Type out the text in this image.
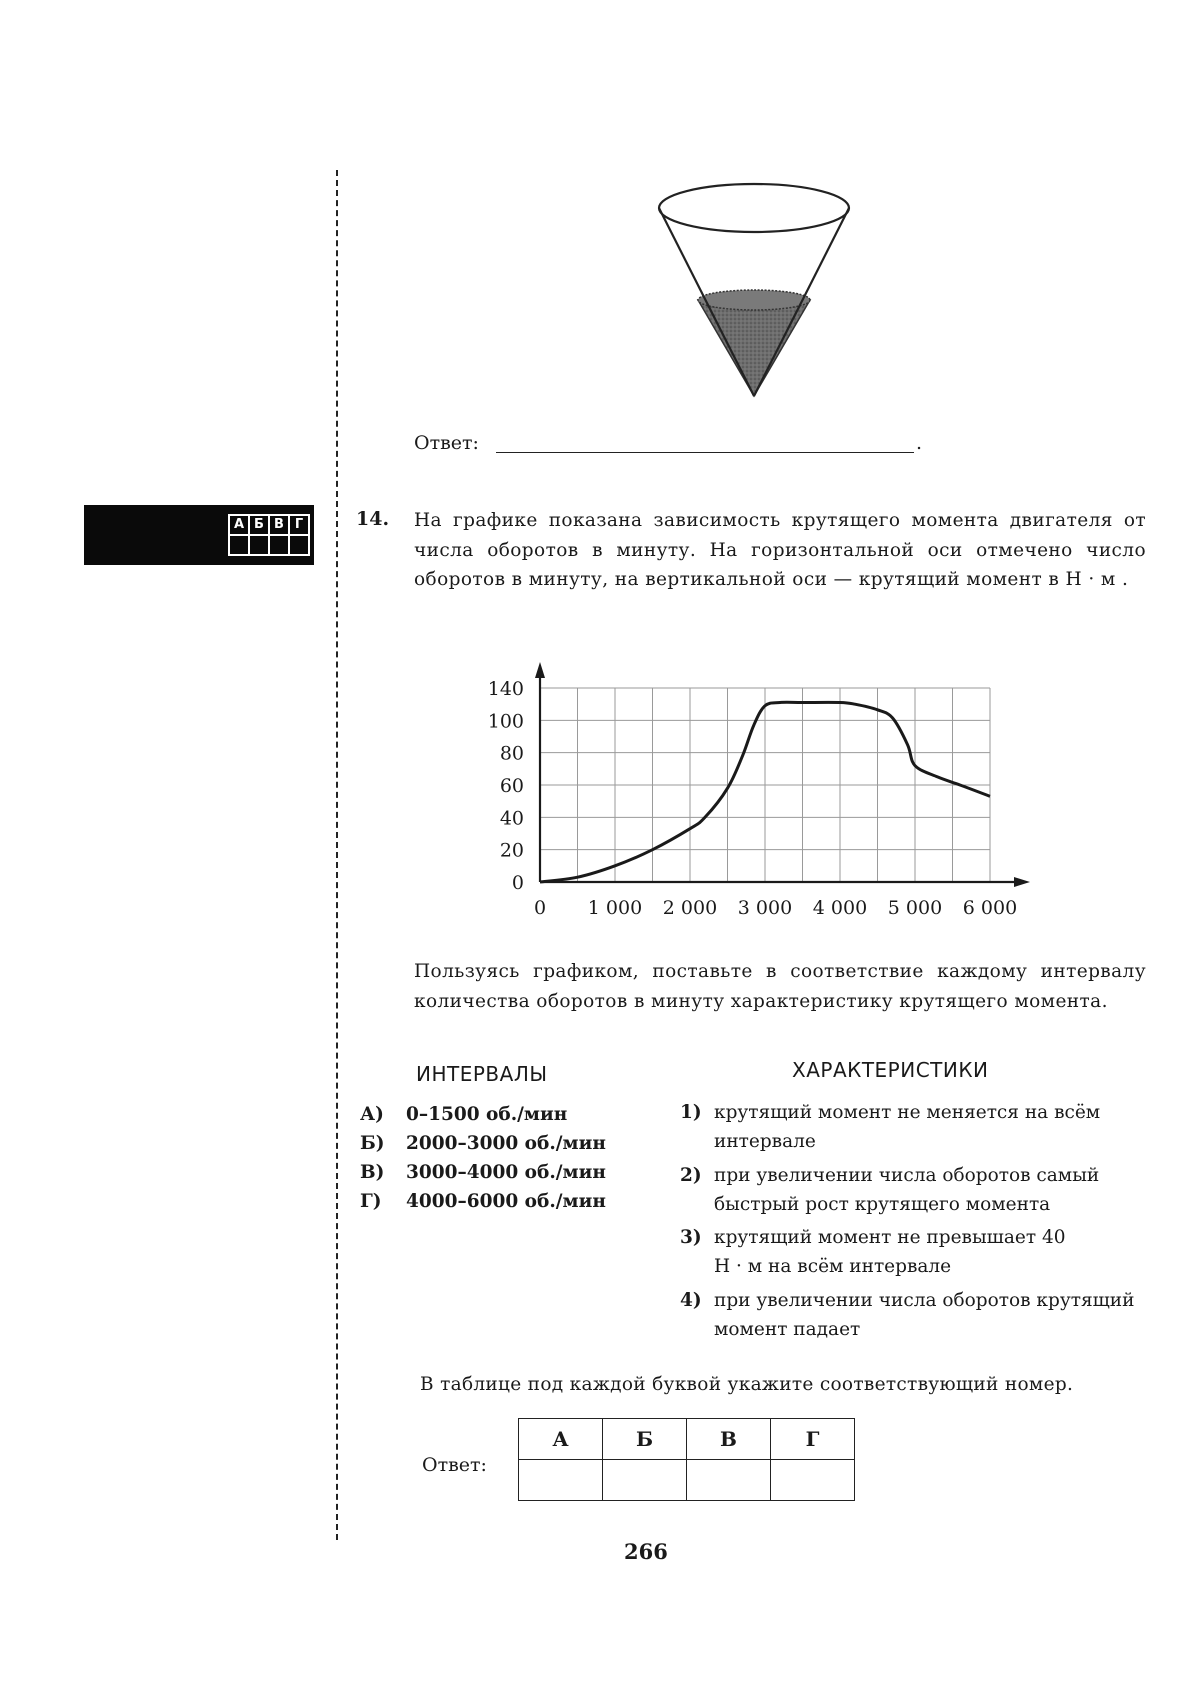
Ответ:	.
А	Б	В	Г
				14. На графике показана зависимость крутящего момента двигателя от числа оборотов в минуту. На горизонтальной оси отмечено число оборотов в минуту, на вертикальной оси — крутящий момент в Н · м .
0
20
40
60
80
100
140
0 1 000 2 000 3 000 4 000 5 000 6 000
Пользуясь графиком, поставьте в соответствие каждому интервалу количества оборотов в минуту характеристику крутящего момента.
ИНТЕРВАЛЫ	ХАРАКТЕРИСТИКИ
А) 0–1500 об./мин
Б) 2000–3000 об./мин
В) 3000–4000 об./мин
Г) 4000–6000 об./мин
1) крутящий момент не меняется на всём интервале
2) при увеличении числа оборотов самый быстрый рост крутящего момента
3) крутящий момент не превышает 40 Н · м на всём интервале
4) при увеличении числа оборотов крутящий момент падает
В таблице под каждой буквой укажите соответствующий номер.
Ответ:
А	Б	В	Г

266
